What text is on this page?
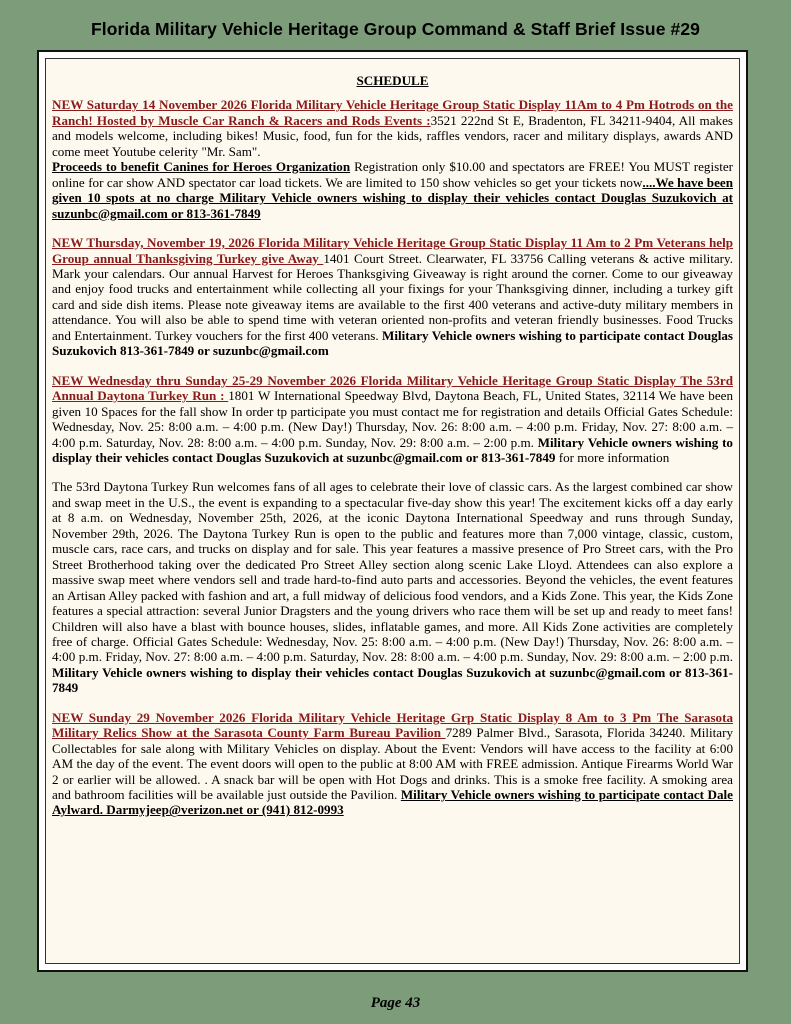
Florida Military Vehicle Heritage Group Command & Staff Brief Issue #29
SCHEDULE

NEW Saturday 14 November 2026 Florida Military Vehicle Heritage Group Static Display 11Am to 4 Pm Hotrods on the Ranch! Hosted by Muscle Car Ranch & Racers and Rods Events :3521 222nd St E, Bradenton, FL 34211-9404, All makes and models welcome, including bikes! Music, food, fun for the kids, raffles vendors, racer and military displays, awards AND come meet Youtube celerity "Mr. Sam".
Proceeds to benefit Canines for Heroes Organization Registration only $10.00 and spectators are FREE! You MUST register online for car show AND spectator car load tickets. We are limited to 150 show vehicles so get your tickets now....We have been given 10 spots at no charge Military Vehicle owners wishing to display their vehicles contact Douglas Suzukovich at suzunbc@gmail.com or 813-361-7849

NEW Thursday, November 19, 2026 Florida Military Vehicle Heritage Group Static Display 11 Am to 2 Pm Veterans help Group annual Thanksgiving Turkey give Away 1401 Court Street. Clearwater, FL 33756 Calling veterans & active military. Mark your calendars. Our annual Harvest for Heroes Thanksgiving Giveaway is right around the corner. Come to our giveaway and enjoy food trucks and entertainment while collecting all your fixings for your Thanksgiving dinner, including a turkey gift card and side dish items. Please note giveaway items are available to the first 400 veterans and active-duty military members in attendance. You will also be able to spend time with veteran oriented non-profits and veteran friendly businesses. Food Trucks and Entertainment. Turkey vouchers for the first 400 veterans. Military Vehicle owners wishing to participate contact Douglas Suzukovich 813-361-7849 or suzunbc@gmail.com

NEW Wednesday thru Sunday 25-29 November 2026 Florida Military Vehicle Heritage Group Static Display The 53rd Annual Daytona Turkey Run : 1801 W International Speedway Blvd, Daytona Beach, FL, United States, 32114 We have been given 10 Spaces for the fall show In order tp participate you must contact me for registration and details Official Gates Schedule: Wednesday, Nov. 25: 8:00 a.m. – 4:00 p.m. (New Day!) Thursday, Nov. 26: 8:00 a.m. – 4:00 p.m. Friday, Nov. 27: 8:00 a.m. – 4:00 p.m. Saturday, Nov. 28: 8:00 a.m. – 4:00 p.m. Sunday, Nov. 29: 8:00 a.m. – 2:00 p.m. Military Vehicle owners wishing to display their vehicles contact Douglas Suzukovich at suzunbc@gmail.com or 813-361-7849 for more information

The 53rd Daytona Turkey Run welcomes fans of all ages to celebrate their love of classic cars. As the largest combined car show and swap meet in the U.S., the event is expanding to a spectacular five-day show this year! The excitement kicks off a day early at 8 a.m. on Wednesday, November 25th, 2026, at the iconic Daytona International Speedway and runs through Sunday, November 29th, 2026. The Daytona Turkey Run is open to the public and features more than 7,000 vintage, classic, custom, muscle cars, race cars, and trucks on display and for sale. This year features a massive presence of Pro Street cars, with the Pro Street Brotherhood taking over the dedicated Pro Street Alley section along scenic Lake Lloyd. Attendees can also explore a massive swap meet where vendors sell and trade hard-to-find auto parts and accessories. Beyond the vehicles, the event features an Artisan Alley packed with fashion and art, a full midway of delicious food vendors, and a Kids Zone. This year, the Kids Zone features a special attraction: several Junior Dragsters and the young drivers who race them will be set up and ready to meet fans! Children will also have a blast with bounce houses, slides, inflatable games, and more. All Kids Zone activities are completely free of charge. Official Gates Schedule: Wednesday, Nov. 25: 8:00 a.m. – 4:00 p.m. (New Day!) Thursday, Nov. 26: 8:00 a.m. – 4:00 p.m. Friday, Nov. 27: 8:00 a.m. – 4:00 p.m. Saturday, Nov. 28: 8:00 a.m. – 4:00 p.m. Sunday, Nov. 29: 8:00 a.m. – 2:00 p.m. Military Vehicle owners wishing to display their vehicles contact Douglas Suzukovich at suzunbc@gmail.com or 813-361-7849

NEW Sunday 29 November 2026 Florida Military Vehicle Heritage Grp Static Display 8 Am to 3 Pm The Sarasota Military Relics Show at the Sarasota County Farm Bureau Pavilion 7289 Palmer Blvd., Sarasota, Florida 34240. Military Collectables for sale along with Military Vehicles on display. About the Event: Vendors will have access to the facility at 6:00 AM the day of the event. The event doors will open to the public at 8:00 AM with FREE admission. Antique Firearms World War 2 or earlier will be allowed. . A snack bar will be open with Hot Dogs and drinks. This is a smoke free facility. A smoking area and bathroom facilities will be available just outside the Pavilion. Military Vehicle owners wishing to participate contact Dale Aylward. Darmyjeep@verizon.net or (941) 812-0993

Page 43
